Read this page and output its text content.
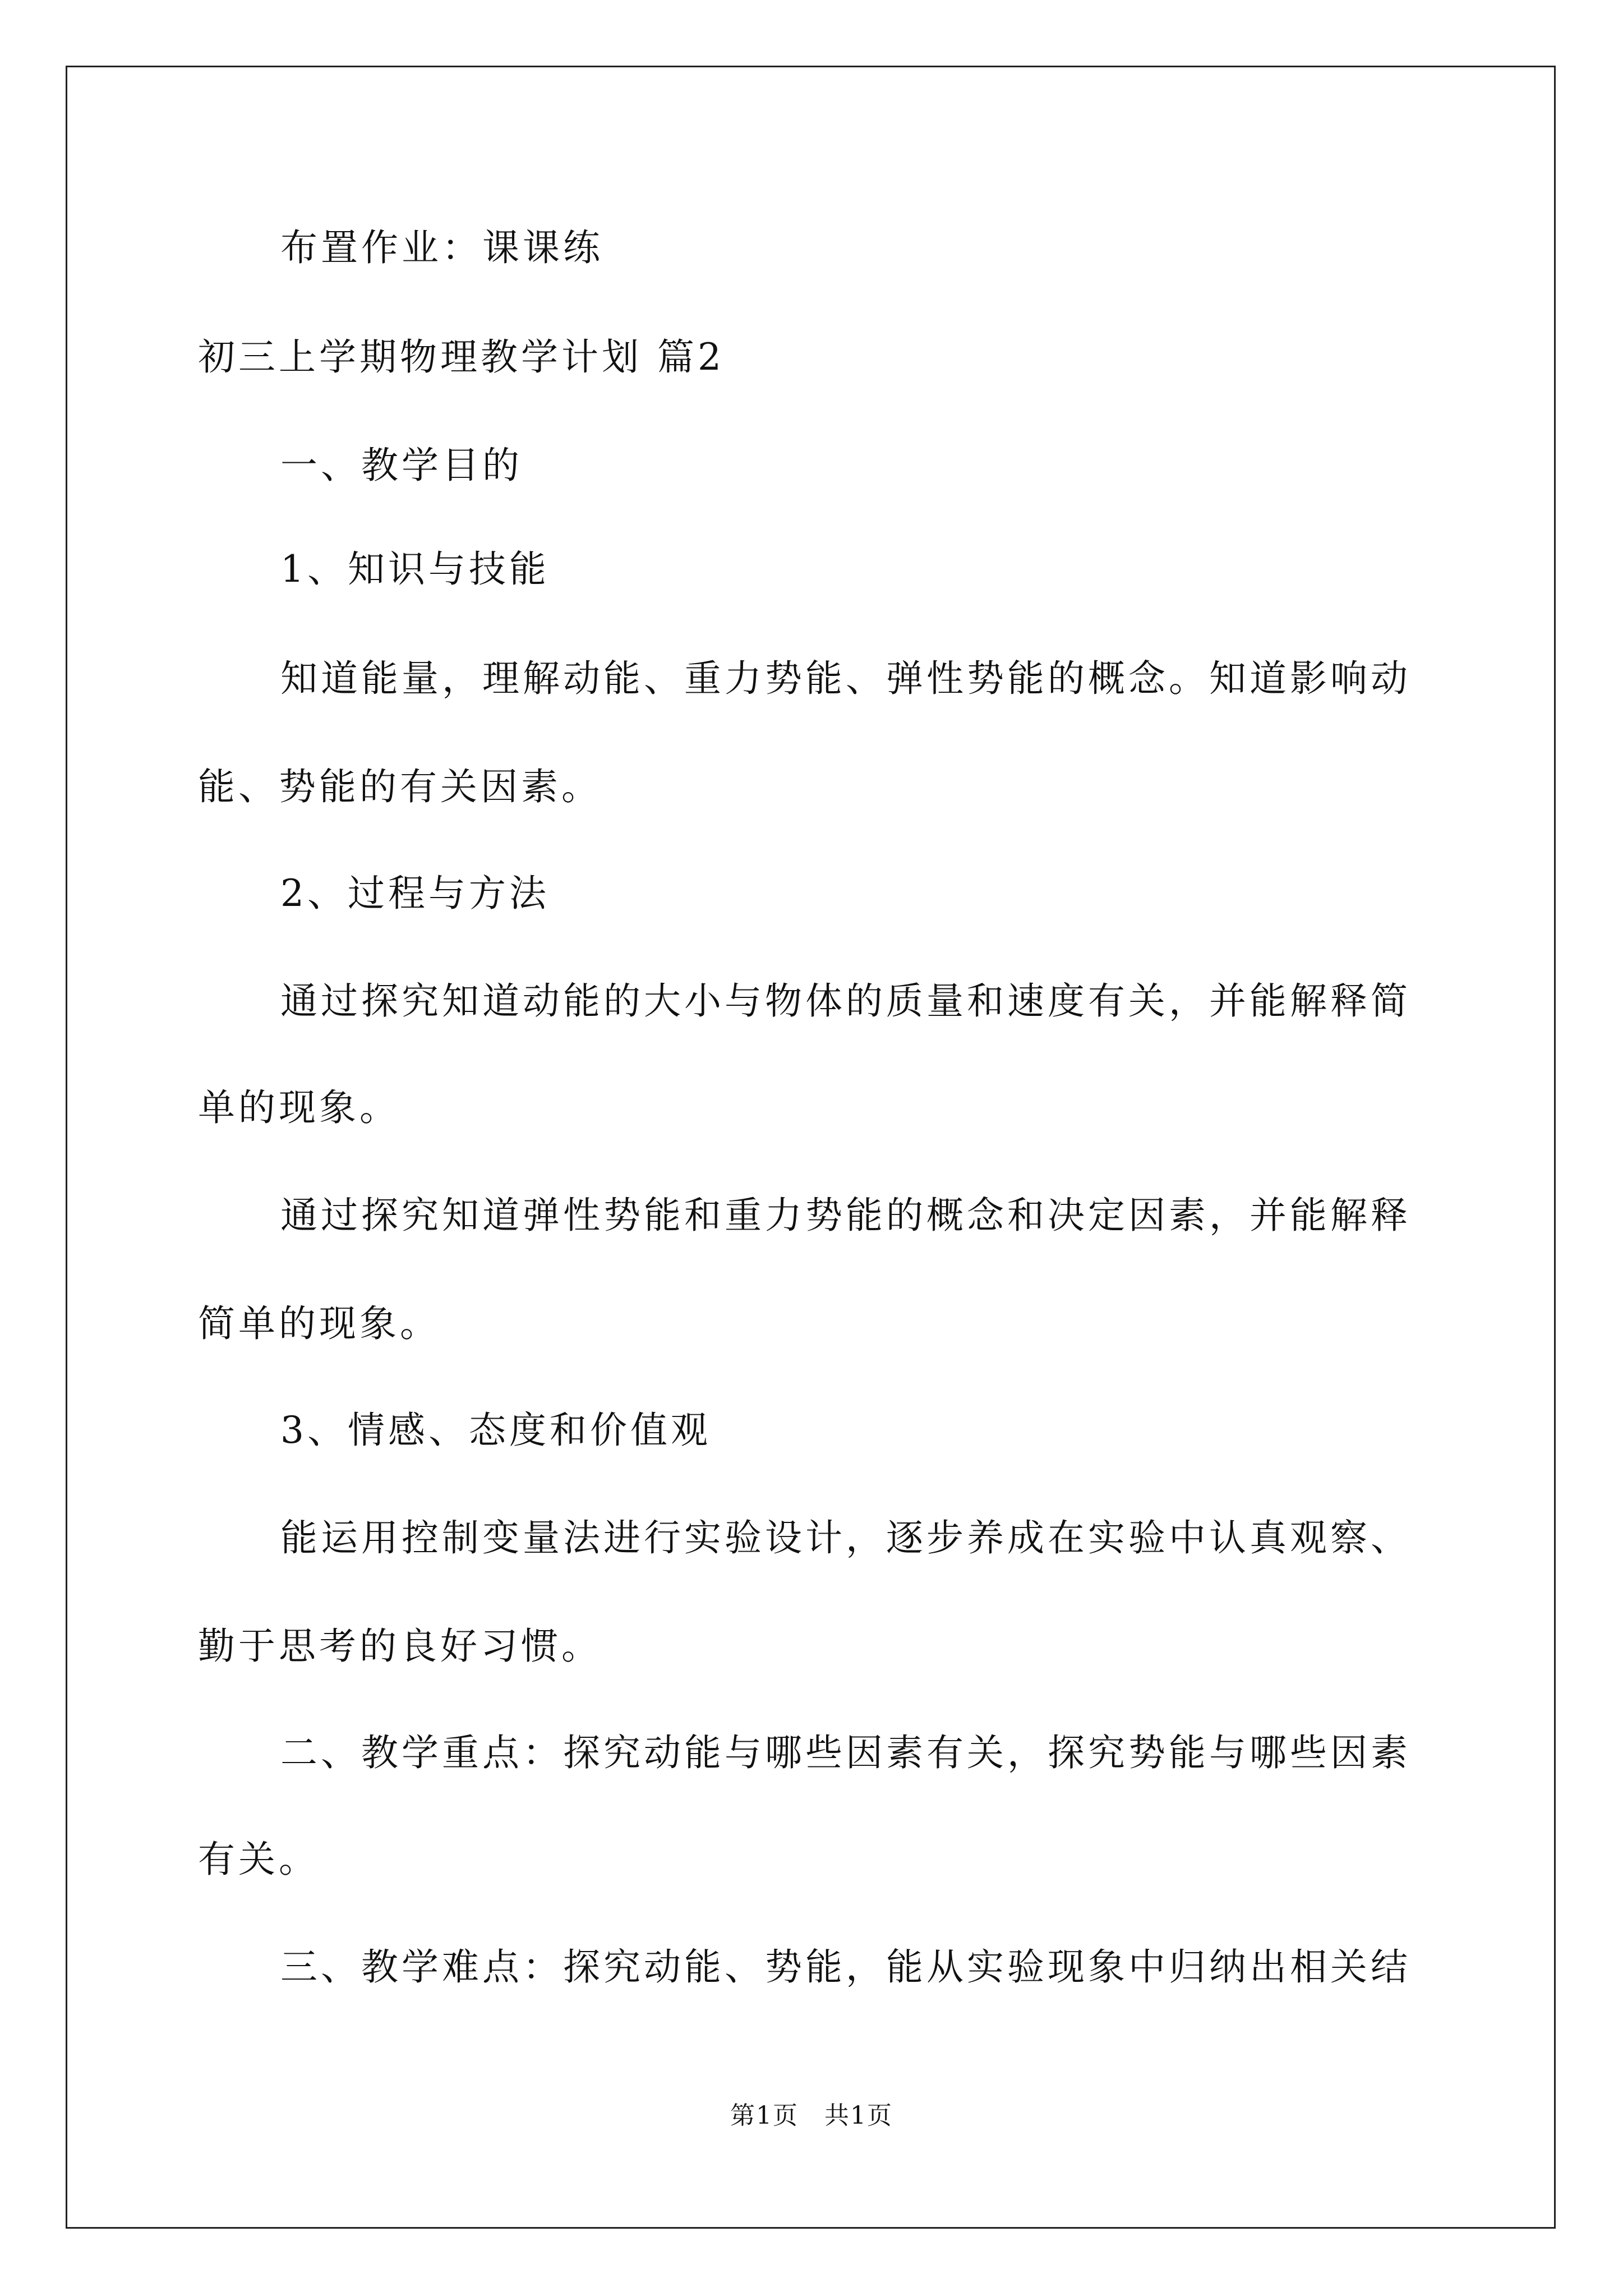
布置作业：课课练
初三上学期物理教学计划 篇2
一、教学目的
1、知识与技能
知道能量，理解动能、重力势能、弹性势能的概念。知道影响动
能、势能的有关因素。
2、过程与方法
通过探究知道动能的大小与物体的质量和速度有关，并能解释简
单的现象。
通过探究知道弹性势能和重力势能的概念和决定因素，并能解释
简单的现象。
3、情感、态度和价值观
能运用控制变量法进行实验设计，逐步养成在实验中认真观察、
勤于思考的良好习惯。
二、教学重点：探究动能与哪些因素有关，探究势能与哪些因素
有关。
三、教学难点：探究动能、势能，能从实验现象中归纳出相关结
第1页　共1页
